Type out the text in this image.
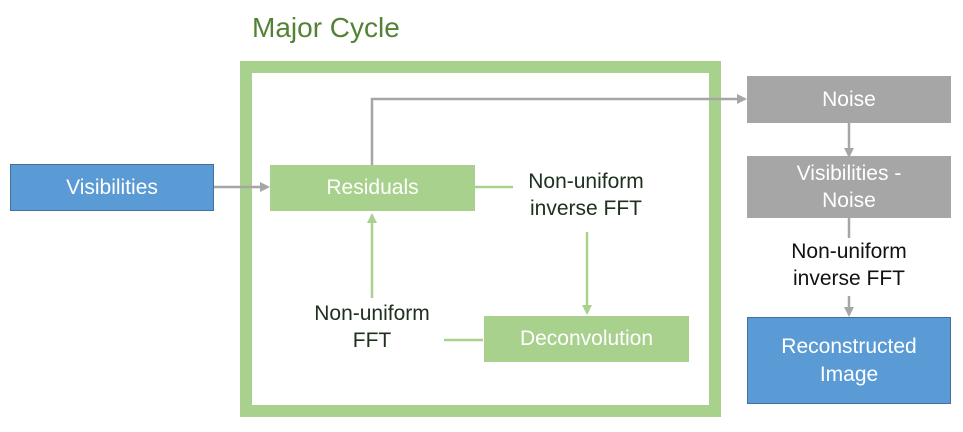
Major Cycle
Visibilities	Residuals
Deconvolution
Noise
Visibilities -
Noise
Reconstructed
Image
Non-uniform
inverse FFT
Non-uniform
FFT
Non-uniform
inverse FFT
